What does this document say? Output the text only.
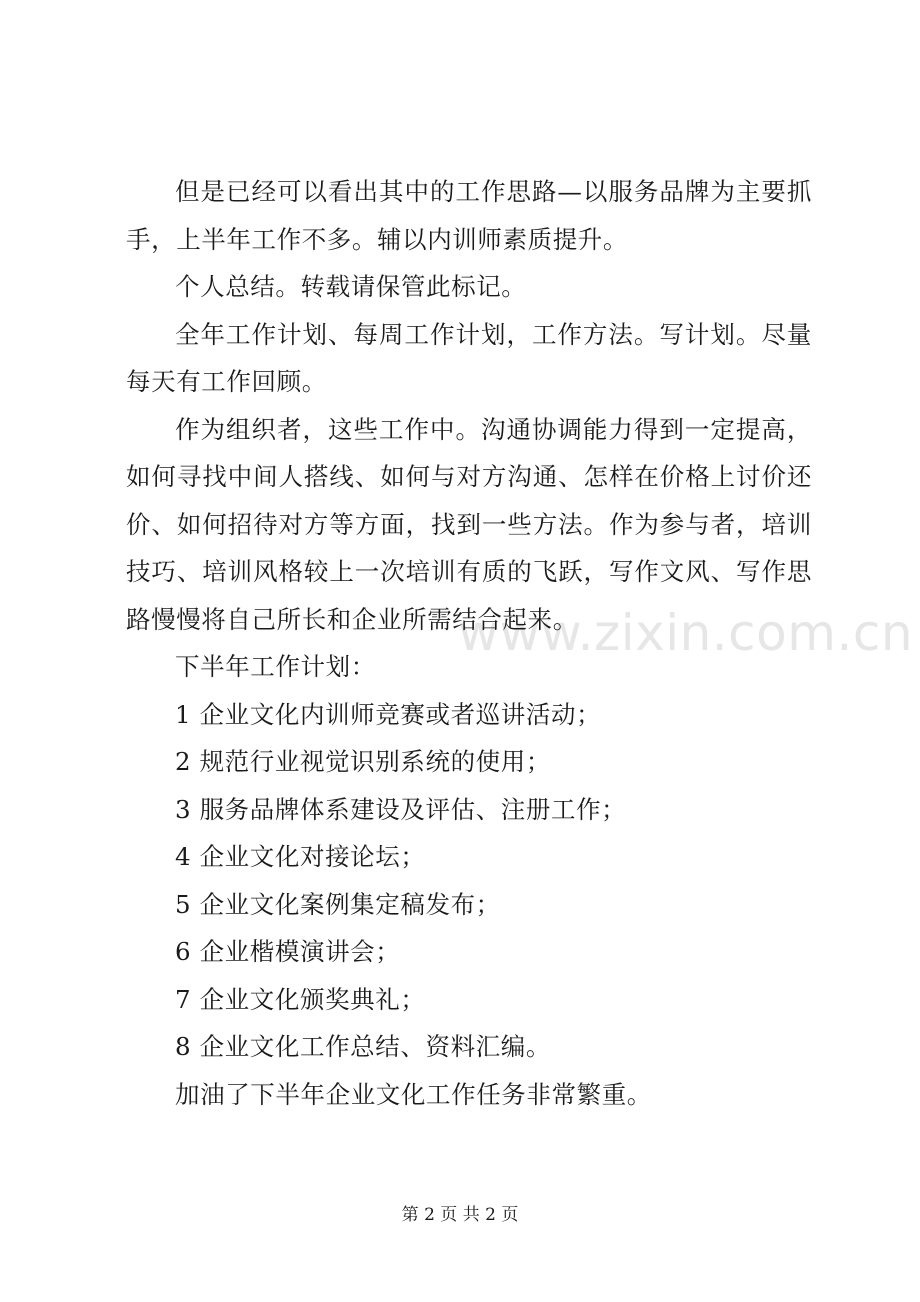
www.zixin.com.cn

但是已经可以看出其中的工作思路—以服务品牌为主要抓手，上半年工作不多。辅以内训师素质提升。

个人总结。转载请保管此标记。

全年工作计划、每周工作计划，工作方法。写计划。尽量每天有工作回顾。

作为组织者，这些工作中。沟通协调能力得到一定提高，如何寻找中间人搭线、如何与对方沟通、怎样在价格上讨价还价、如何招待对方等方面，找到一些方法。作为参与者，培训技巧、培训风格较上一次培训有质的飞跃，写作文风、写作思路慢慢将自己所长和企业所需结合起来。

下半年工作计划：

1 企业文化内训师竞赛或者巡讲活动；

2 规范行业视觉识别系统的使用；

3 服务品牌体系建设及评估、注册工作；

4 企业文化对接论坛；

5 企业文化案例集定稿发布；

6 企业楷模演讲会；

7 企业文化颁奖典礼；

8 企业文化工作总结、资料汇编。

加油了下半年企业文化工作任务非常繁重。

第 2 页 共 2 页
